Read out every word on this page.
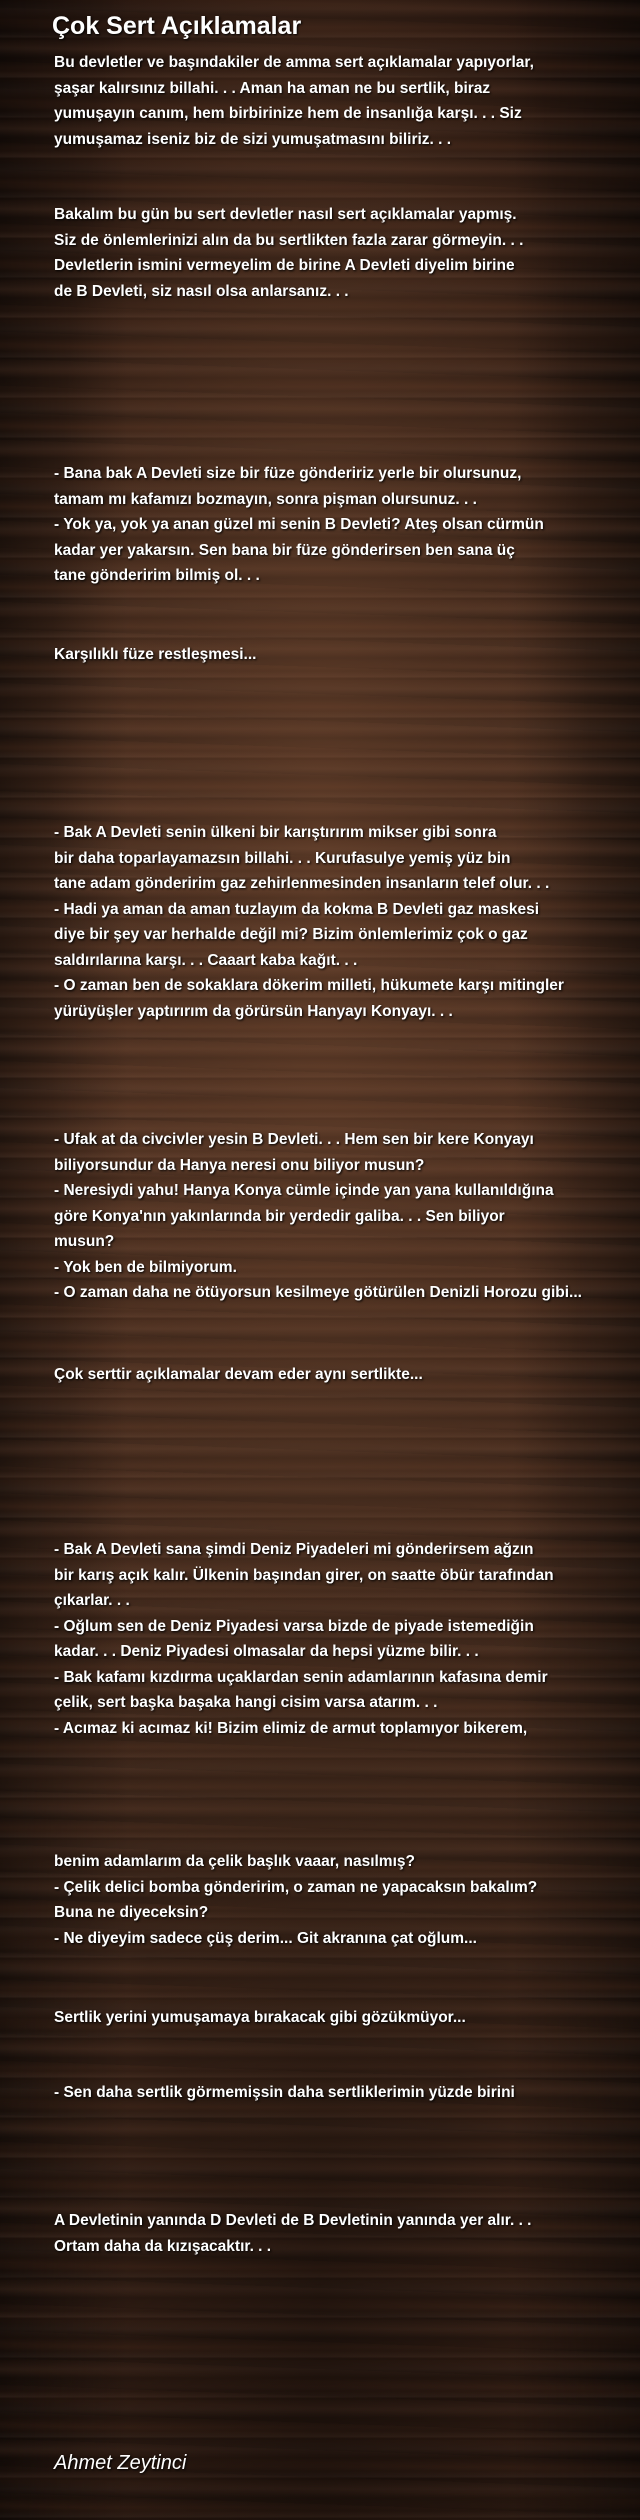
Çok Sert Açıklamalar
Bu devletler ve başındakiler de amma sert açıklamalar yapıyorlar,
şaşar kalırsınız billahi. . . Aman ha aman ne bu sertlik, biraz
yumuşayın canım, hem birbirinize hem de insanlığa karşı. . . Siz
yumuşamaz iseniz biz de sizi yumuşatmasını biliriz. . .
Bakalım bu gün bu sert devletler nasıl sert açıklamalar yapmış.
Siz de önlemlerinizi alın da bu sertlikten fazla zarar görmeyin. . .
Devletlerin ismini vermeyelim de birine A Devleti diyelim birine
de B Devleti, siz nasıl olsa anlarsanız. . .
- Bana bak A Devleti size bir füze göndeririz yerle bir olursunuz,
tamam mı kafamızı bozmayın, sonra pişman olursunuz. . .
- Yok ya, yok ya anan güzel mi senin B Devleti? Ateş olsan cürmün
kadar yer yakarsın. Sen bana bir füze gönderirsen ben sana üç
tane gönderirim bilmiş ol. . .
Karşılıklı füze restleşmesi...
- Bak A Devleti senin ülkeni bir karıştırırım mikser gibi sonra
bir daha toparlayamazsın billahi. . . Kurufasulye yemiş yüz bin
tane adam gönderirim gaz zehirlenmesinden insanların telef olur. . .
- Hadi ya aman da aman tuzlayım da kokma B Devleti gaz maskesi
diye bir şey var herhalde değil mi? Bizim önlemlerimiz çok o gaz
saldırılarına karşı. . . Caaart kaba kağıt. . .
- O zaman ben de sokaklara dökerim milleti, hükumete karşı mitingler
yürüyüşler yaptırırım da görürsün Hanyayı Konyayı. . .
- Ufak at da civcivler yesin B Devleti. . . Hem sen bir kere Konyayı
biliyorsundur da Hanya neresi onu biliyor musun?
- Neresiydi yahu! Hanya Konya cümle içinde yan yana kullanıldığına
göre Konya'nın yakınlarında bir yerdedir galiba. . . Sen biliyor
musun?
- Yok ben de bilmiyorum.
- O zaman daha ne ötüyorsun kesilmeye götürülen Denizli Horozu gibi...
Çok serttir açıklamalar devam eder aynı sertlikte...
- Bak A Devleti sana şimdi Deniz Piyadeleri mi gönderirsem ağzın
bir karış açık kalır. Ülkenin başından girer, on saatte öbür tarafından
çıkarlar. . .
- Oğlum sen de Deniz Piyadesi varsa bizde de piyade istemediğin
kadar. . . Deniz Piyadesi olmasalar da hepsi yüzme bilir. . .
- Bak kafamı kızdırma uçaklardan senin adamlarının kafasına demir
çelik, sert başka başaka hangi cisim varsa atarım. . .
- Acımaz ki acımaz ki! Bizim elimiz de armut toplamıyor bikerem,
benim adamlarım da çelik başlık vaaar, nasılmış?
- Çelik delici bomba gönderirim, o zaman ne yapacaksın bakalım?
Buna ne diyeceksin?
- Ne diyeyim sadece çüş derim... Git akranına çat oğlum...
Sertlik yerini yumuşamaya bırakacak gibi gözükmüyor...
- Sen daha sertlik görmemişsin daha sertliklerimin yüzde birini
A Devletinin yanında D Devleti de B Devletinin yanında yer alır. . .
Ortam daha da kızışacaktır. . .
Ahmet Zeytinci
